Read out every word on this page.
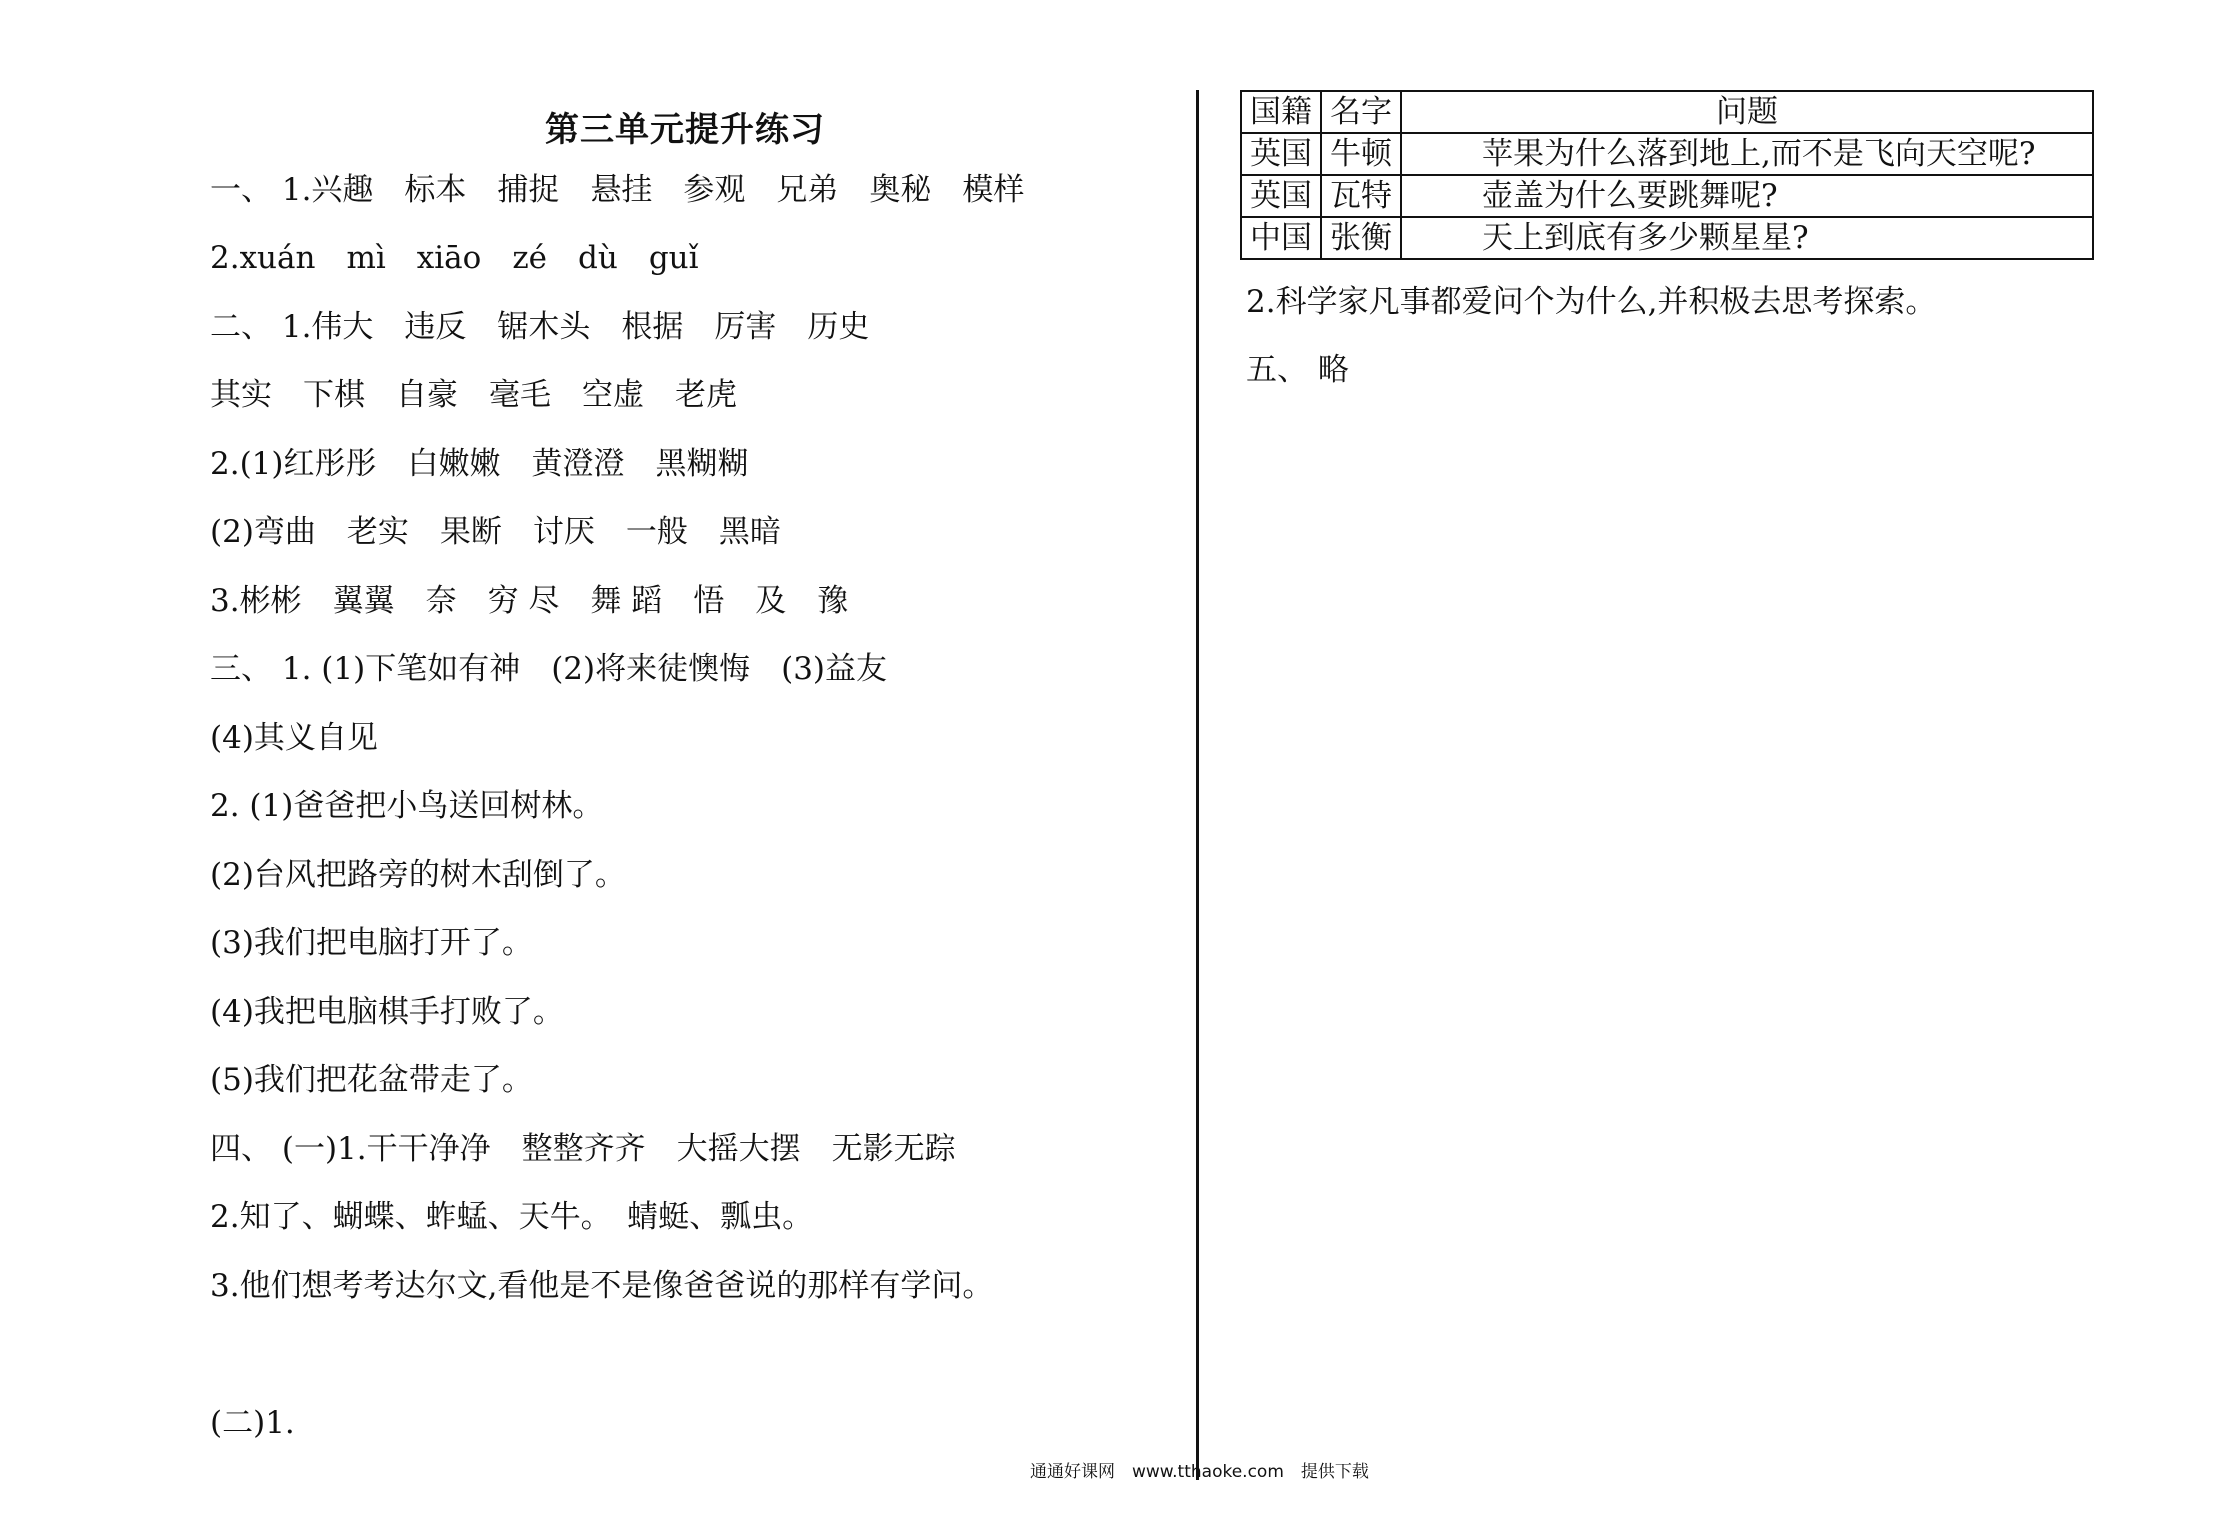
第三单元提升练习
一、 1.兴趣　标本　捕捉　悬挂　参观　兄弟　奥秘　模样
2.xuán　mì　xiāo　zé　dù　guǐ
二、 1.伟大　违反　锯木头　根据　厉害　历史
其实　下棋　自豪　毫毛　空虚　老虎
2.(1)红彤彤　白嫩嫩　黄澄澄　黑糊糊
(2)弯曲　老实　果断　讨厌　一般　黑暗
3.彬彬　翼翼　奈　穷 尽　舞 蹈　悟　及　豫
三、 1. (1)下笔如有神　(2)将来徒懊悔　(3)益友
(4)其义自见
2. (1)爸爸把小鸟送回树林。
(2)台风把路旁的树木刮倒了。
(3)我们把电脑打开了。
(4)我把电脑棋手打败了。
(5)我们把花盆带走了。
四、 (一)1.干干净净　整整齐齐　大摇大摆　无影无踪
2.知了、蝴蝶、蚱蜢、天牛。　蜻蜓、瓢虫。
3.他们想考考达尔文,看他是不是像爸爸说的那样有学问。
(二)1.
国籍	名字	问题
英国	牛顿	苹果为什么落到地上,而不是飞向天空呢?
英国	瓦特	壶盖为什么要跳舞呢?
中国	张衡	天上到底有多少颗星星?
2.科学家凡事都爱问个为什么,并积极去思考探索。
五、 略
通通好课网　www.tthaoke.com　提供下载
